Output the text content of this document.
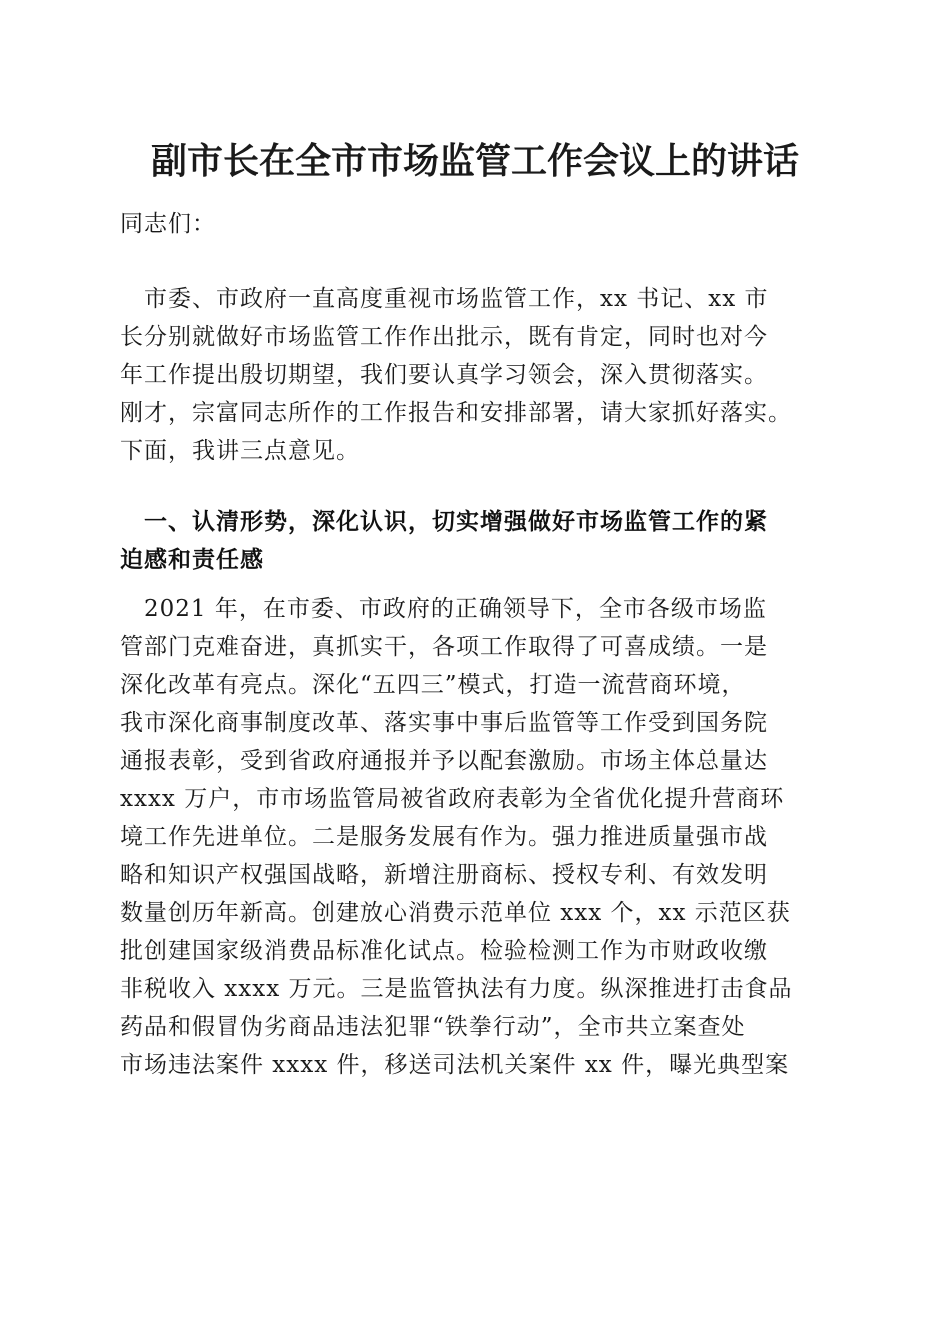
副市长在全市市场监管工作会议上的讲话
同志们：
　市委、市政府一直高度重视市场监管工作，xx 书记、xx 市
长分别就做好市场监管工作作出批示，既有肯定，同时也对今
年工作提出殷切期望，我们要认真学习领会，深入贯彻落实。
刚才，宗富同志所作的工作报告和安排部署，请大家抓好落实。
下面，我讲三点意见。
　一、认清形势，深化认识，切实增强做好市场监管工作的紧
迫感和责任感
　2021 年，在市委、市政府的正确领导下，全市各级市场监
管部门克难奋进，真抓实干，各项工作取得了可喜成绩。一是
深化改革有亮点。深化“五四三”模式，打造一流营商环境，
我市深化商事制度改革、落实事中事后监管等工作受到国务院
通报表彰，受到省政府通报并予以配套激励。市场主体总量达
xxxx 万户，市市场监管局被省政府表彰为全省优化提升营商环
境工作先进单位。二是服务发展有作为。强力推进质量强市战
略和知识产权强国战略，新增注册商标、授权专利、有效发明
数量创历年新高。创建放心消费示范单位 xxx 个，xx 示范区获
批创建国家级消费品标准化试点。检验检测工作为市财政收缴
非税收入 xxxx 万元。三是监管执法有力度。纵深推进打击食品
药品和假冒伪劣商品违法犯罪“铁拳行动”，全市共立案查处
市场违法案件 xxxx 件，移送司法机关案件 xx 件，曝光典型案
